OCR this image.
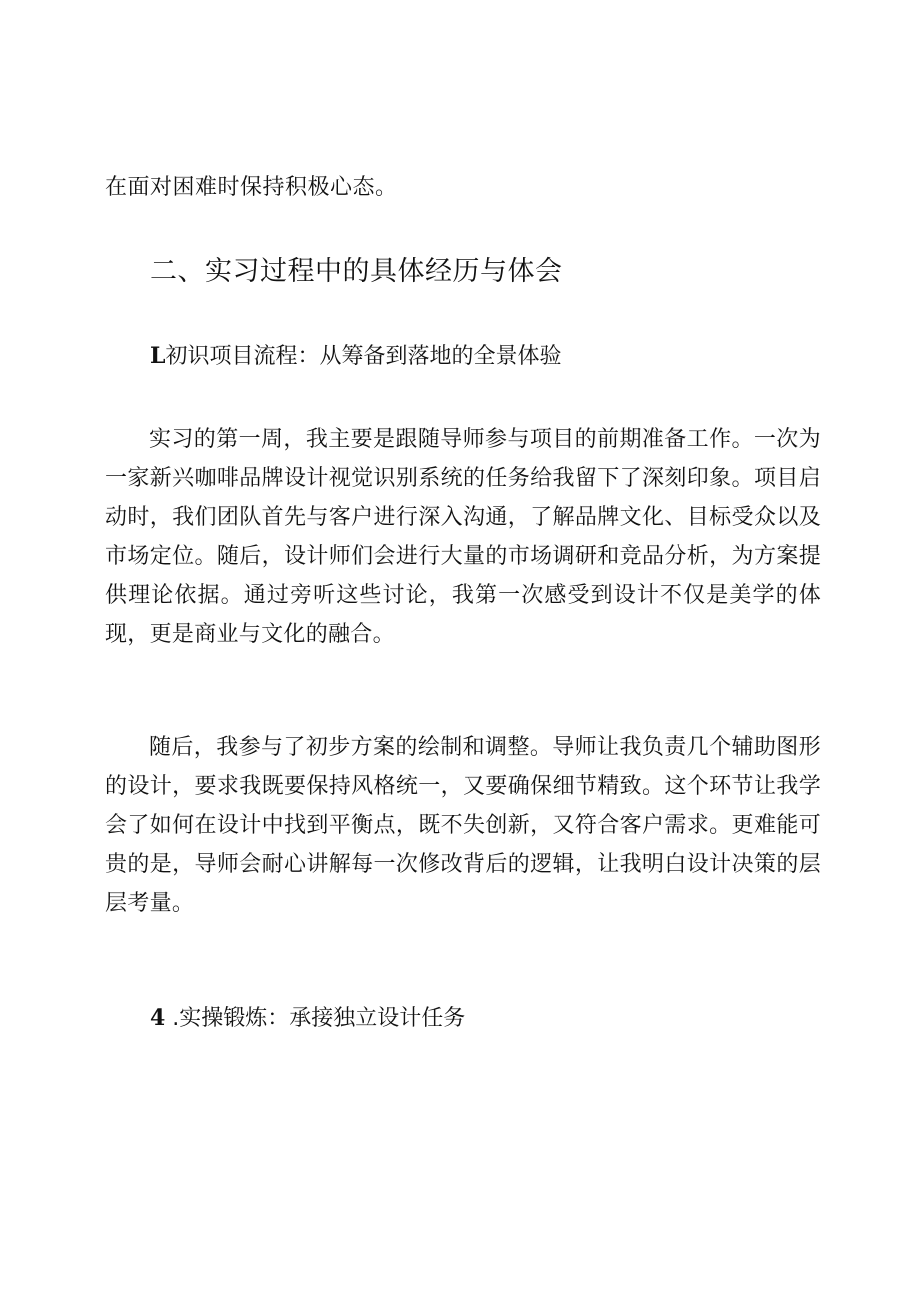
在面对困难时保持积极心态。

二、实习过程中的具体经历与体会
L初识项目流程：从筹备到落地的全景体验

实习的第一周，我主要是跟随导师参与项目的前期准备工作。一次为一家新兴咖啡品牌设计视觉识别系统的任务给我留下了深刻印象。项目启动时，我们团队首先与客户进行深入沟通，了解品牌文化、目标受众以及市场定位。随后，设计师们会进行大量的市场调研和竞品分析，为方案提供理论依据。通过旁听这些讨论，我第一次感受到设计不仅是美学的体现，更是商业与文化的融合。

随后，我参与了初步方案的绘制和调整。导师让我负责几个辅助图形的设计，要求我既要保持风格统一，又要确保细节精致。这个环节让我学会了如何在设计中找到平衡点，既不失创新，又符合客户需求。更难能可贵的是，导师会耐心讲解每一次修改背后的逻辑，让我明白设计决策的层层考量。

4 .实操锻炼：承接独立设计任务
